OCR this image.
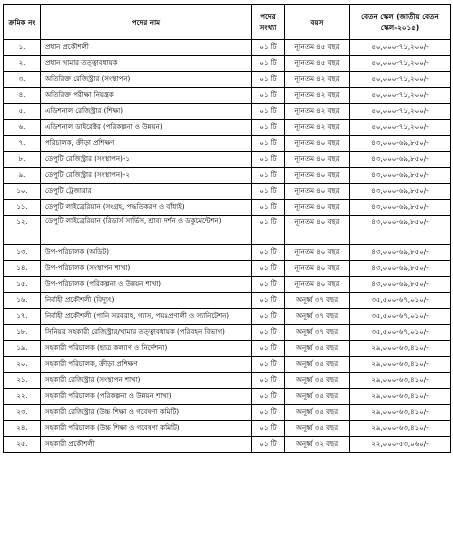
ক্রমিক নং	পদের নাম	পদের সংখ্যা	বয়স	বেতন স্কেল (জাতীয় বেতন স্কেল-২০১৫)
১.	প্রধান প্রকৌশলী	০১ টি	ন্যূনতম ৪৫ বছর	৫০,০০০-৭১,২০০/-
২.	প্রধান খামার তত্ত্বাবধায়ক	০১ টি	ন্যূনতম ৪৫ বছর	৫০,০০০-৭১,২০০/-
৩.	অতিরিক্ত রেজিস্ট্রার (সংস্থাপন)	০১ টি	ন্যূনতম ৪২ বছর	৫০,০০০-৭১,২০০/-
৪.	অতিরিক্ত পরীক্ষা নিয়ন্ত্রক	০১ টি	ন্যূনতম ৪২ বছর	৫০,০০০-৭১,২০০/-
৫.	এডিশনাল রেজিস্ট্রার (শিক্ষা)	০১ টি	ন্যূনতম ৪২ বছর	৫০,০০০-৭১,২০০/-
৬.	এডিশনাল ডাইরেক্টর (পরিকল্পনা ও উন্নয়ন)	০১ টি	ন্যূনতম ৪২ বছর	৫০,০০০-৭১,২০০/-
৭.	পরিচালক, ক্রীড়া প্রশিক্ষণ	০১ টি	ন্যূনতম ৪০ বছর	৪৩,০০০-৬৯,৮৫০/-
৮.	ডেপুটি রেজিস্ট্রার (সংস্থাপন)-১	০১ টি	ন্যূনতম ৪০ বছর	৪৩,০০০-৬৯,৮৫০/-
৯.	ডেপুটি রেজিস্ট্রার (সংস্থাপন)-২	০১ টি	ন্যূনতম ৪০ বছর	৪৩,০০০-৬৯,৮৫০/-
১০.	ডেপুটি ট্রেজারার	০১ টি	ন্যূনতম ৪০ বছর	৪৩,০০০-৬৯,৮৫০/-
১১.	ডেপুটি লাইব্রেরিয়ান (সংগ্রহ, পদ্ধতিকরণ ও বাঁধাই)	০১ টি	ন্যূনতম ৪০ বছর	৪৩,০০০-৬৯,৮৫০/-
১২.	ডেপুটি লাইব্রেরিয়ান (রিডার্স সার্ভিস, শ্রাব্য দর্শন ও ডকুমেন্টেশন)	০১ টি	ন্যূনতম ৪০ বছর	৪৩,০০০-৬৯,৮৫০/-
১৩.	উপ-পরিচালক (অডিট)	০১ টি	ন্যূনতম ৪০ বছর	৪৩,০০০-৬৯,৮৫০/-
১৪.	উপ-পরিচালক (সংস্থাপন শাখা)	০১ টি	ন্যূনতম ৪০ বছর	৪৩,০০০-৬৯,৮৫০/-
১৫.	উপ-পরিচালক (পরিকল্পনা ও উন্নয়ন শাখা)	০১ টি	ন্যূনতম ৪০ বছর	৪৩,০০০-৬৯,৮৫০/-
১৬.	নির্বাহী প্রকৌশলী (বিদ্যুৎ)	০১ টি	অনূর্ধ্ব ৩৭ বছর	৩৫,৫০০-৬৭,০১০/-
১৭.	নির্বাহী প্রকৌশলী (পানি সরবরাহ, গ্যাস, পয়ঃপ্রণালী ও স্যানিটেশন)	০১ টি	অনূর্ধ্ব ৩৭ বছর	৩৫,৫০০-৬৭,০১০/-
১৮.	সিনিয়র সহকারী রেজিস্ট্রার/খামার তত্ত্বাবধায়ক (পরিবহন বিভাগ)	০১ টি	অনূর্ধ্ব ৩৭ বছর	৩৫,৫০০-৬৭,০১০/-
১৯.	সহকারী পরিচালক (ছাত্র কল্যাণ ও নির্দেশনা)	০১ টি	অনূর্ধ্ব ৩৫ বছর	২৯,০০০-৬৩,৪১০/-
২০.	সহকারী পরিচালক, ক্রীড়া প্রশিক্ষণ	০১ টি	অনূর্ধ্ব ৩৫ বছর	২৯,০০০-৬৩,৪১০/-
২১.	সহকারী রেজিস্ট্রার (সংস্থাপন শাখা)	০১ টি	অনূর্ধ্ব ৩৫ বছর	২৯,০০০-৬৩,৪১০/-
২২.	সহকারী পরিচালক (পরিকল্পনা ও উন্নয়ন শাখা)	০১ টি	অনূর্ধ্ব ৩৫ বছর	২৯,০০০-৬৩,৪১০/-
২৩.	সহকারী রেজিস্ট্রার (উচ্চ শিক্ষা ও গবেষণা কমিটি)	০১ টি	অনূর্ধ্ব ৩৫ বছর	২৯,০০০-৬৩,৪১০/-
২৪.	সহকারী পরিচালক (উচ্চ শিক্ষা ও গবেষণা কমিটি)	০১ টি	অনূর্ধ্ব ৩৫ বছর	২৯,০০০-৬৩,৪১০/-
২৫.	সহকারী প্রকৌশলী	০১ টি	অনূর্ধ্ব ৩২ বছর	২২,০০০-৫৩,০৬০/-
